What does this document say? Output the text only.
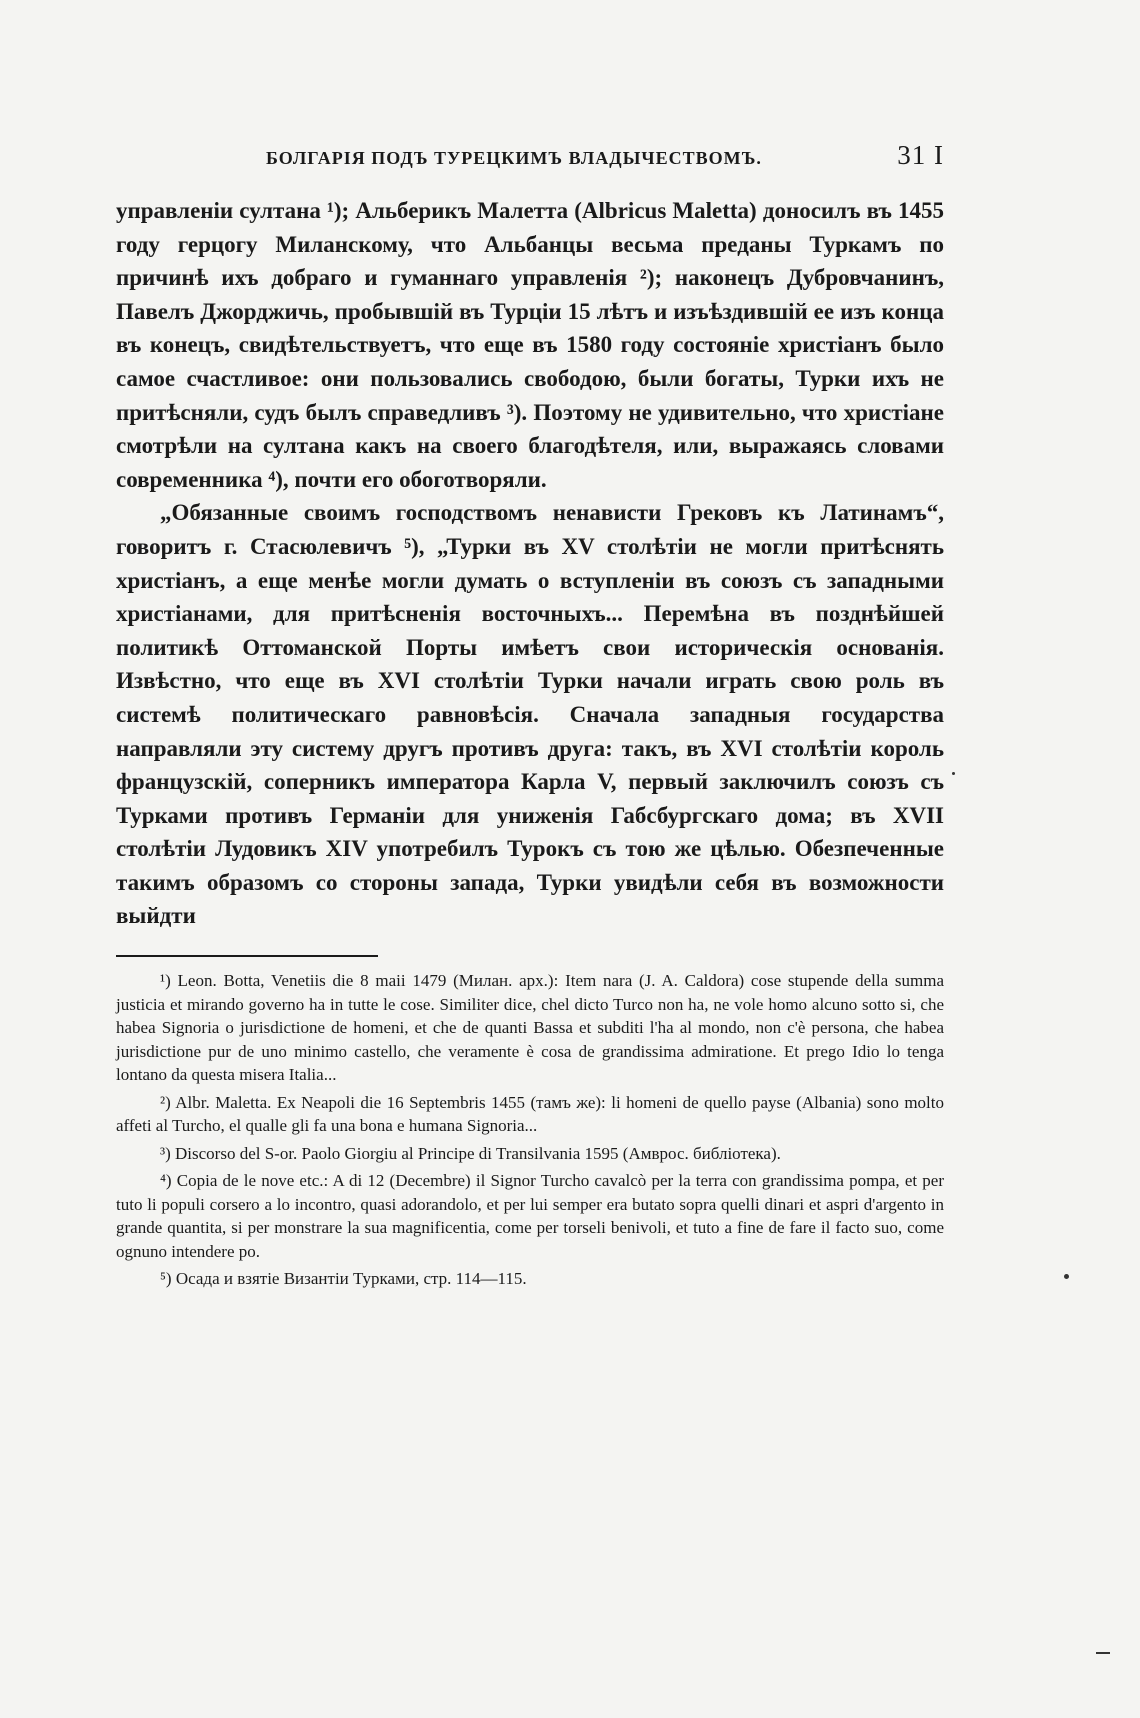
БОЛГАРІЯ ПОДЪ ТУРЕЦКИМЪ ВЛАДЫЧЕСТВОМЪ.	31 I

управленіи султана ¹); Альберикъ Малетта (Albricus Maletta) доносилъ въ 1455 году герцогу Миланскому, что Альбанцы весьма преданы Туркамъ по причинѣ ихъ добраго и гуманнаго управленія ²); наконецъ Дубровчанинъ, Павелъ Джорджичь, пробывшій въ Турціи 15 лѣтъ и изъѣздившій ее изъ конца въ конецъ, свидѣтельствуетъ, что еще въ 1580 году состояніе христіанъ было самое счастливое: они пользовались свободою, были богаты, Турки ихъ не притѣсняли, судъ былъ справедливъ ³). Поэтому не удивительно, что христіане смотрѣли на султана какъ на своего благодѣтеля, или, выражаясь словами современника ⁴), почти его обоготворяли.

„Обязанные своимъ господствомъ ненависти Грековъ къ Латинамъ“, говоритъ г. Стасюлевичъ ⁵), „Турки въ XV столѣтіи не могли притѣснять христіанъ, а еще менѣе могли думать о вступленіи въ союзъ съ западными христіанами, для притѣсненія восточныхъ... Перемѣна въ позднѣйшей политикѣ Оттоманской Порты имѣетъ свои историческія основанія. Извѣстно, что еще въ XVI столѣтіи Турки начали играть свою роль въ системѣ политическаго равновѣсія. Сначала западныя государства направляли эту систему другъ противъ друга: такъ, въ XVI столѣтіи король французскій, соперникъ императора Карла V, первый заключилъ союзъ съ Турками противъ Германіи для униженія Габсбургскаго дома; въ XVII столѣтіи Лудовикъ XIV употребилъ Турокъ съ тою же цѣлью. Обезпеченные такимъ образомъ со стороны запада, Турки увидѣли себя въ возможности выйдти

¹) Leon. Botta, Venetiis die 8 maii 1479 (Милан. арх.): Item nara (J. A. Caldora) cose stupende della summa justicia et mirando governo ha in tutte le cose. Similiter dice, chel dicto Turco non ha, ne vole homo alcuno sotto si, che habea Signoria o jurisdictione de homeni, et che de quanti Bassa et subditi l'ha al mondo, non c'è persona, che habea jurisdictione pur de uno minimo castello, che veramente è cosa de grandissima admiratione. Et prego Idio lo tenga lontano da questa misera Italia...

²) Albr. Maletta. Ex Neapoli die 16 Septembris 1455 (тамъ же): li homeni de quello payse (Albania) sono molto affeti al Turcho, el qualle gli fa una bona e humana Signoria...

³) Discorso del S-or. Paolo Giorgiu al Principe di Transilvania 1595 (Амврос. библіотека).

⁴) Copia de le nove etc.: A di 12 (Decembre) il Signor Turcho cavalcò per la terra con grandissima pompa, et per tuto li populi corsero a lo incontro, quasi adorandolo, et per lui semper era butato sopra quelli dinari et aspri d'argento in grande quantita, si per monstrare la sua magnificentia, come per torseli benivoli, et tuto a fine de fare il facto suo, come ognuno intendere po.

⁵) Осада и взятіе Византіи Турками, стр. 114—115.
